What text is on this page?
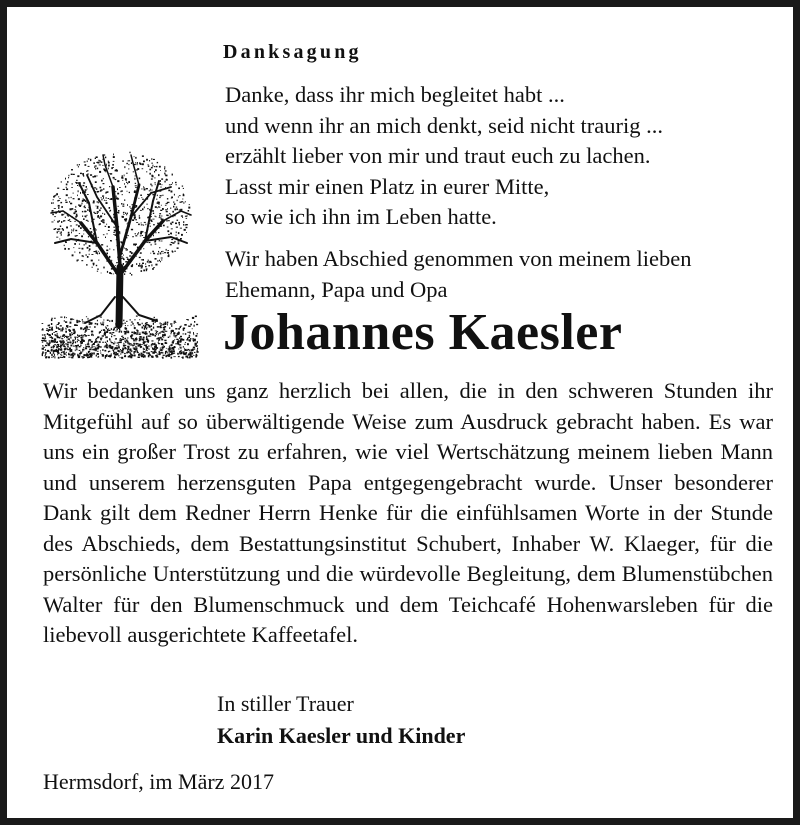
Danksagung
Danke, dass ihr mich begleitet habt ...
und wenn ihr an mich denkt, seid nicht traurig ...
erzählt lieber von mir und traut euch zu lachen.
Lasst mir einen Platz in eurer Mitte,
so wie ich ihn im Leben hatte.
Wir haben Abschied genommen von meinem lieben
Ehemann, Papa und Opa
Johannes Kaesler
Wir bedanken uns ganz herzlich bei allen, die in den schweren Stunden ihr Mitgefühl auf so überwältigende Weise zum Ausdruck gebracht haben. Es war uns ein großer Trost zu erfahren, wie viel Wertschätzung meinem lieben Mann und unserem herzensguten Papa entgegengebracht wurde. Unser besonderer Dank gilt dem Redner Herrn Henke für die einfühlsamen Worte in der Stunde des Abschieds, dem Bestattungsinstitut Schubert, Inhaber W. Klaeger, für die persönliche Unterstützung und die würdevolle Begleitung, dem Blumenstübchen Walter für den Blumenschmuck und dem Teichcafé Hohenwarsleben für die liebevoll ausgerichtete Kaffeetafel.
In stiller Trauer
Karin Kaesler und Kinder
Hermsdorf, im März 2017
